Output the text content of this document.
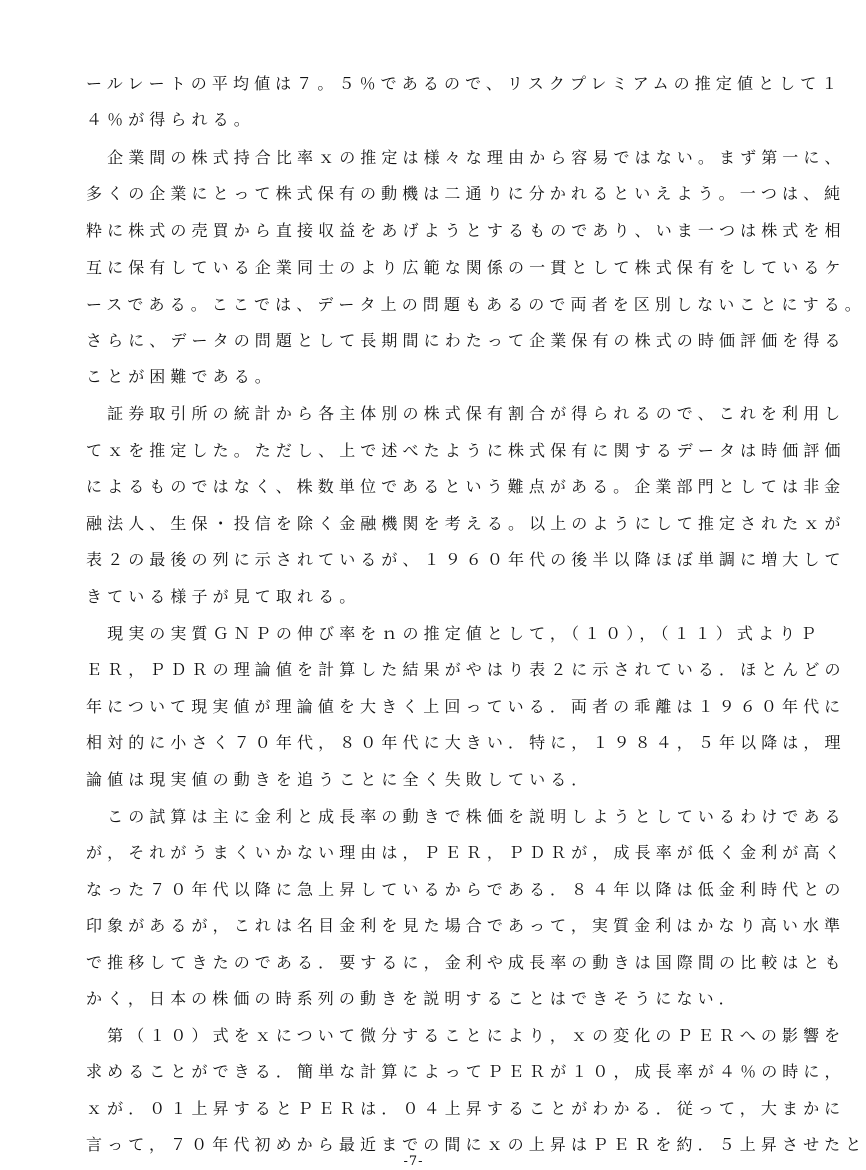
ールレートの平均値は７。５％であるので、リスクプレミアムの推定値として１
４％が得られる。
　企業間の株式持合比率ｘの推定は様々な理由から容易ではない。まず第一に、
多くの企業にとって株式保有の動機は二通りに分かれるといえよう。一つは、純
粋に株式の売買から直接収益をあげようとするものであり、いま一つは株式を相
互に保有している企業同士のより広範な関係の一貫として株式保有をしているケ
ースである。ここでは、データ上の問題もあるので両者を区別しないことにする。
さらに、データの問題として長期間にわたって企業保有の株式の時価評価を得る
ことが困難である。
　証券取引所の統計から各主体別の株式保有割合が得られるので、これを利用し
てｘを推定した。ただし、上で述べたように株式保有に関するデータは時価評価
によるものではなく、株数単位であるという難点がある。企業部門としては非金
融法人、生保・投信を除く金融機関を考える。以上のようにして推定されたｘが
表２の最後の列に示されているが、１９６０年代の後半以降ほぼ単調に増大して
きている様子が見て取れる。
　現実の実質ＧＮＰの伸び率をｎの推定値として，（１０），（１１）式よりＰ
ＥＲ，ＰＤＲの理論値を計算した結果がやはり表２に示されている．ほとんどの
年について現実値が理論値を大きく上回っている．両者の乖離は１９６０年代に
相対的に小さく７０年代，８０年代に大きい．特に，１９８４，５年以降は，理
論値は現実値の動きを追うことに全く失敗している．
　この試算は主に金利と成長率の動きで株価を説明しようとしているわけである
が，それがうまくいかない理由は，ＰＥＲ，ＰＤＲが，成長率が低く金利が高く
なった７０年代以降に急上昇しているからである．８４年以降は低金利時代との
印象があるが，これは名目金利を見た場合であって，実質金利はかなり高い水準
で推移してきたのである．要するに，金利や成長率の動きは国際間の比較はとも
かく，日本の株価の時系列の動きを説明することはできそうにない．
　第（１０）式をｘについて微分することにより，ｘの変化のＰＥＲへの影響を
求めることができる．簡単な計算によってＰＥＲが１０，成長率が４％の時に，
ｘが．０１上昇するとＰＥＲは．０４上昇することがわかる．従って，大まかに
言って，７０年代初めから最近までの間にｘの上昇はＰＥＲを約．５上昇させたと
-7-
